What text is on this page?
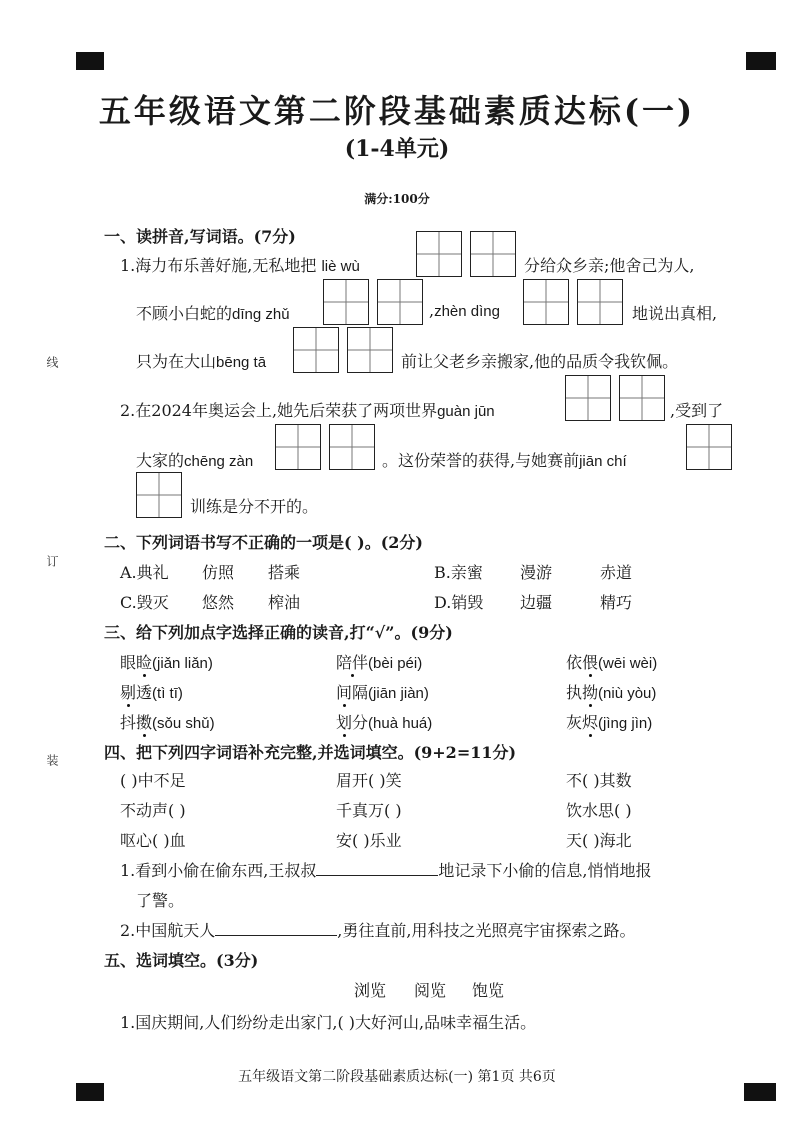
线
订
装
五年级语文第二阶段基础素质达标(一)
(1-4单元)
满分:100分
一、读拼音,写词语。(7分)
1.海力布乐善好施,无私地把 liè wù	分给众乡亲;他舍己为人,
不顾小白蛇的dīng zhǔ	,zhèn dìng	地说出真相,
只为在大山bēng tā	前让父老乡亲搬家,他的品质令我钦佩。
2.在2024年奥运会上,她先后荣获了两项世界guàn jūn	,受到了
大家的chēng zàn	。这份荣誉的获得,与她赛前jiān chí
训练是分不开的。
二、下列词语书写不正确的一项是( )。(2分)
A.典礼 仿照 搭乘	B.亲蜜 漫游	赤道
C.毁灭 悠然 榨油	D.销毁 边疆	精巧
三、给下列加点字选择正确的读音,打“√”。(9分)
眼睑(jiǎn liǎn)	陪伴(bèi péi)	依偎(wēi wèi)
剔透(tì tī)	间隔(jiān jiàn)	执拗(niù yòu)
抖擞(sǒu shǔ)	划分(huà huá)	灰烬(jìng jìn)
四、把下列四字词语补充完整,并选词填空。(9+2=11分)
( )中不足	眉开( )笑	不( )其数
不动声( )	千真万( )	饮水思( )
呕心( )血	安( )乐业	天( )海北
1.看到小偷在偷东西,王叔叔	地记录下小偷的信息,悄悄地报
了警。
2.中国航天人	,勇往直前,用科技之光照亮宇宙探索之路。
五、选词填空。(3分)
浏览 阅览 饱览
1.国庆期间,人们纷纷走出家门,( )大好河山,品味幸福生活。
五年级语文第二阶段基础素质达标(一) 第1页 共6页
